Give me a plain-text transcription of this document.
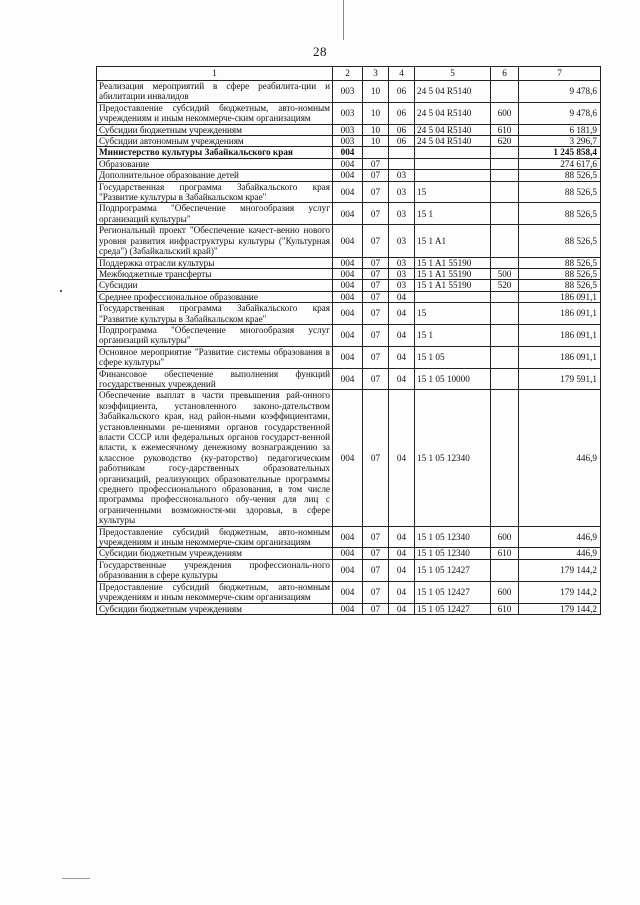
28
1	2	3	4	5	6	7
Реализация мероприятий в сфере реабилита-ции и абилитации инвалидов	003	10	06	24 5 04 R5140		9 478,6
Предоставление субсидий бюджетным, авто-номным учреждениям и иным некоммерче-ским организациям	003	10	06	24 5 04 R5140	600	9 478,6
Субсидии бюджетным учреждениям	003	10	06	24 5 04 R5140	610	6 181,9
Субсидии автономным учреждениям	003	10	06	24 5 04 R5140	620	3 296,7
Министерство культуры Забайкальского края	004					1 245 858,4
Образование	004	07				274 617,6
Дополнительное образование детей	004	07	03			88 526,5
Государственная программа Забайкальского края "Развитие культуры в Забайкальском крае"	004	07	03	15		88 526,5
Подпрограмма "Обеспечение многообразия услуг организаций культуры"	004	07	03	15 1		88 526,5
Региональный проект "Обеспечение качест-венно нового уровня развития инфраструктуры культуры ("Культурная среда") (Забайкальский край)"	004	07	03	15 1 A1		88 526,5
Поддержка отрасли культуры	004	07	03	15 1 A1 55190		88 526,5
Межбюджетные трансферты	004	07	03	15 1 A1 55190	500	88 526,5
Субсидии	004	07	03	15 1 A1 55190	520	88 526,5
Среднее профессиональное образование	004	07	04			186 091,1
Государственная программа Забайкальского края "Развитие культуры в Забайкальском крае"	004	07	04	15		186 091,1
Подпрограмма "Обеспечение многообразия услуг организаций культуры"	004	07	04	15 1		186 091,1
Основное мероприятие "Развитие системы образования в сфере культуры"	004	07	04	15 1 05		186 091,1
Финансовое обеспечение выполнения функций государственных учреждений	004	07	04	15 1 05 10000		179 591,1
Обеспечение выплат в части превышения рай-онного коэффициента, установленного законо-дательством Забайкальского края, над район-ными коэффициентами, установленными ре-шениями органов государственной власти СССР или федеральных органов государст-венной власти, к ежемесячному денежному вознаграждению за классное руководство (ку-раторство) педагогическим работникам госу-дарственных образовательных организаций, реализующих образовательные программы среднего профессионального образования, в том числе программы профессионального обу-чения для лиц с ограниченными возможностя-ми здоровья, в сфере культуры	004	07	04	15 1 05 12340		446,9
Предоставление субсидий бюджетным, авто-номным учреждениям и иным некоммерче-ским организациям	004	07	04	15 1 05 12340	600	446,9
Субсидии бюджетным учреждениям	004	07	04	15 1 05 12340	610	446,9
Государственные учреждения профессиональ-ного образования в сфере культуры	004	07	04	15 1 05 12427		179 144,2
Предоставление субсидий бюджетным, авто-номным учреждениям и иным некоммерче-ским организациям	004	07	04	15 1 05 12427	600	179 144,2
Субсидии бюджетным учреждениям	004	07	04	15 1 05 12427	610	179 144,2
